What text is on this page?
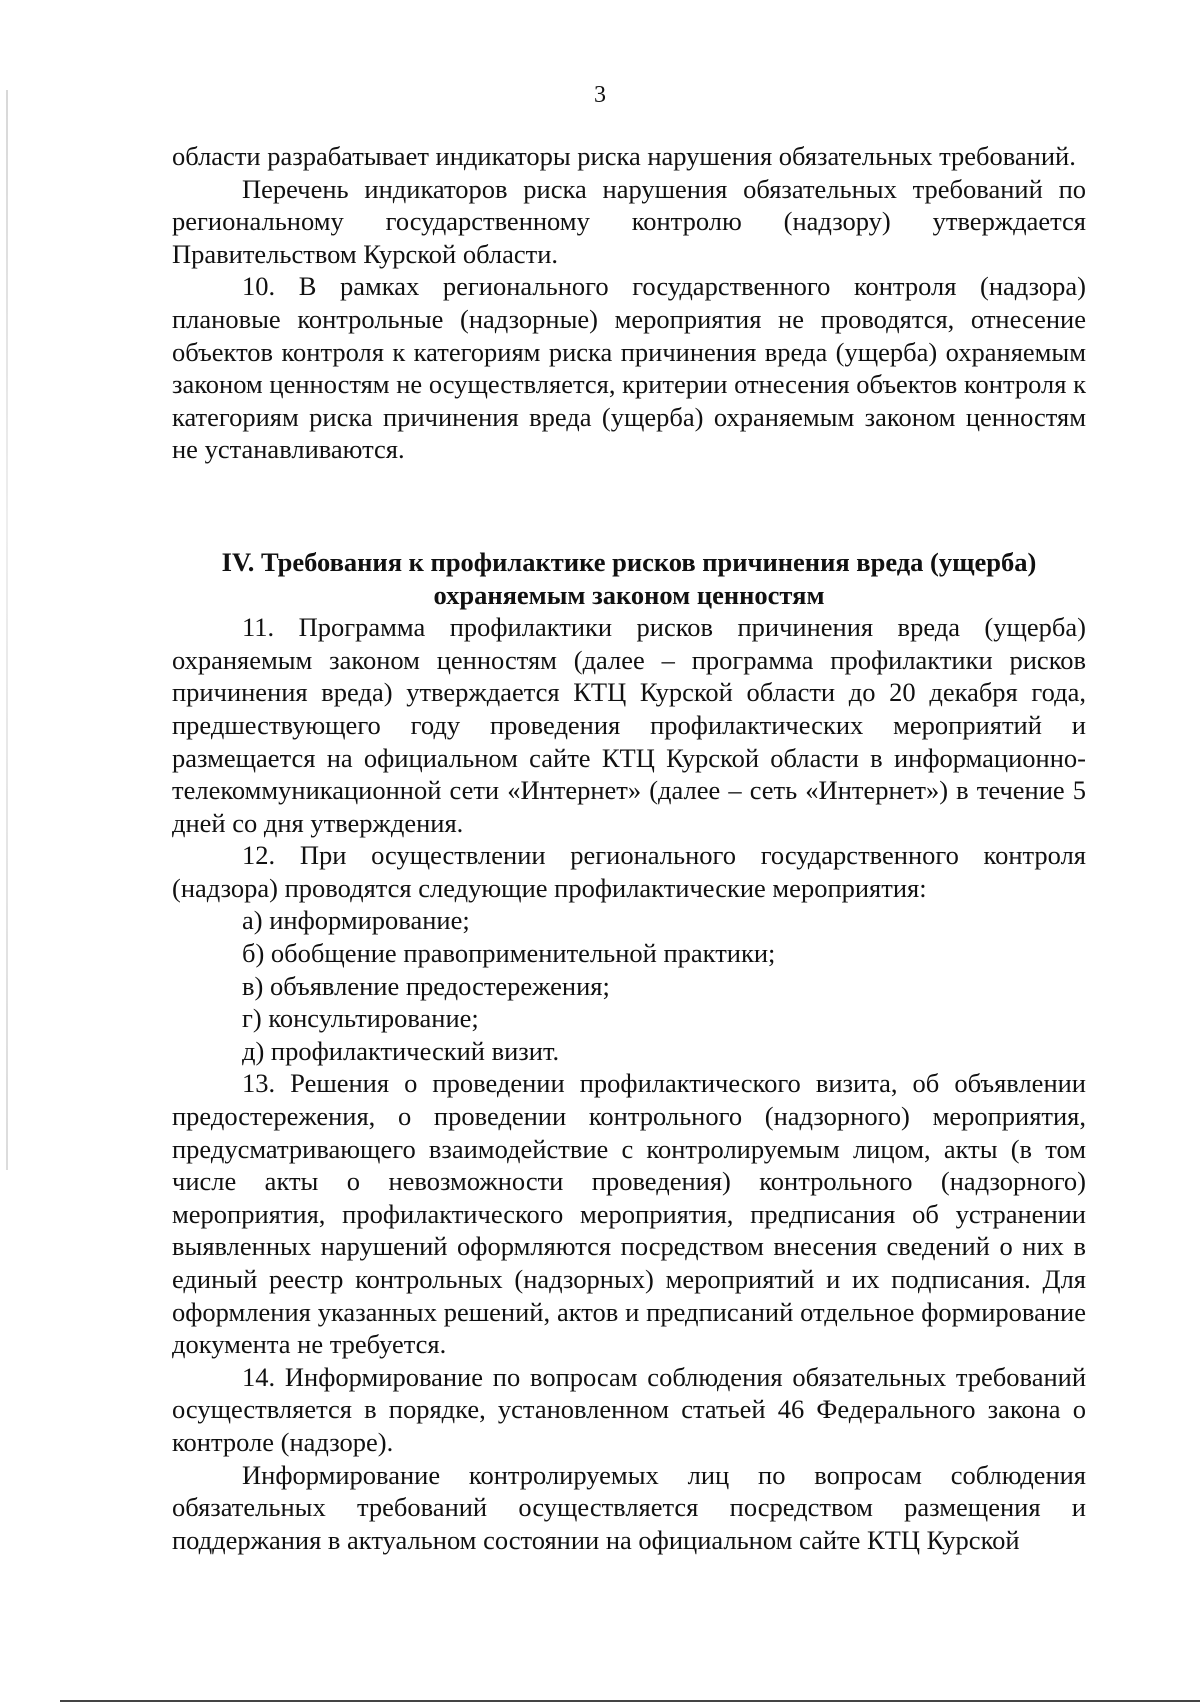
3

области разрабатывает индикаторы риска нарушения обязательных требований.

Перечень индикаторов риска нарушения обязательных требований по региональному государственному контролю (надзору) утверждается Правительством Курской области.

10. В рамках регионального государственного контроля (надзора) плановые контрольные (надзорные) мероприятия не проводятся, отнесение объектов контроля к категориям риска причинения вреда (ущерба) охраняемым законом ценностям не осуществляется, критерии отнесения объектов контроля к категориям риска причинения вреда (ущерба) охраняемым законом ценностям не устанавливаются.

IV. Требования к профилактике рисков причинения вреда (ущерба)
охраняемым законом ценностям

11. Программа профилактики рисков причинения вреда (ущерба) охраняемым законом ценностям (далее – программа профилактики рисков причинения вреда) утверждается КТЦ Курской области до 20 декабря года, предшествующего году проведения профилактических мероприятий и размещается на официальном сайте КТЦ Курской области в информационно-телекоммуникационной сети «Интернет» (далее – сеть «Интернет») в течение 5 дней со дня утверждения.

12. При осуществлении регионального государственного контроля (надзора) проводятся следующие профилактические мероприятия:

а) информирование;

б) обобщение правоприменительной практики;

в) объявление предостережения;

г) консультирование;

д) профилактический визит.

13. Решения о проведении профилактического визита, об объявлении предостережения, о проведении контрольного (надзорного) мероприятия, предусматривающего взаимодействие с контролируемым лицом, акты (в том числе акты о невозможности проведения) контрольного (надзорного) мероприятия, профилактического мероприятия, предписания об устранении выявленных нарушений оформляются посредством внесения сведений о них в единый реестр контрольных (надзорных) мероприятий и их подписания. Для оформления указанных решений, актов и предписаний отдельное формирование документа не требуется.

14. Информирование по вопросам соблюдения обязательных требований осуществляется в порядке, установленном статьей 46 Федерального закона о контроле (надзоре).

Информирование контролируемых лиц по вопросам соблюдения обязательных требований осуществляется посредством размещения и поддержания в актуальном состоянии на официальном сайте КТЦ Курской
